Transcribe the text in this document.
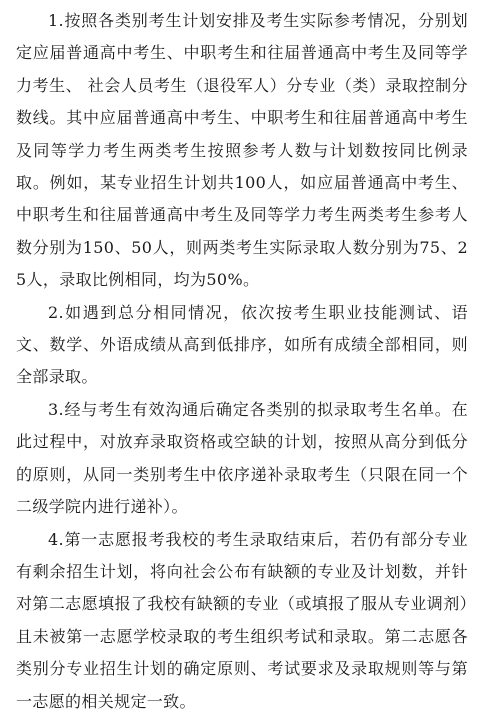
1.按照各类别考生计划安排及考生实际参考情况，分别划定应届普通高中考生、中职考生和往届普通高中考生及同等学力考生、 社会人员考生（退役军人）分专业（类）录取控制分数线。其中应届普通高中考生、中职考生和往届普通高中考生及同等学力考生两类考生按照参考人数与计划数按同比例录取。例如，某专业招生计划共100人，如应届普通高中考生、中职考生和往届普通高中考生及同等学力考生两类考生参考人数分别为150、50人，则两类考生实际录取人数分别为75、25人，录取比例相同，均为50%。

2.如遇到总分相同情况，依次按考生职业技能测试、语文、数学、外语成绩从高到低排序，如所有成绩全部相同，则全部录取。

3.经与考生有效沟通后确定各类别的拟录取考生名单。在此过程中，对放弃录取资格或空缺的计划，按照从高分到低分的原则，从同一类别考生中依序递补录取考生（只限在同一个二级学院内进行递补）。

4.第一志愿报考我校的考生录取结束后，若仍有部分专业有剩余招生计划，将向社会公布有缺额的专业及计划数，并针对第二志愿填报了我校有缺额的专业（或填报了服从专业调剂）且未被第一志愿学校录取的考生组织考试和录取。第二志愿各类别分专业招生计划的确定原则、考试要求及录取规则等与第一志愿的相关规定一致。
